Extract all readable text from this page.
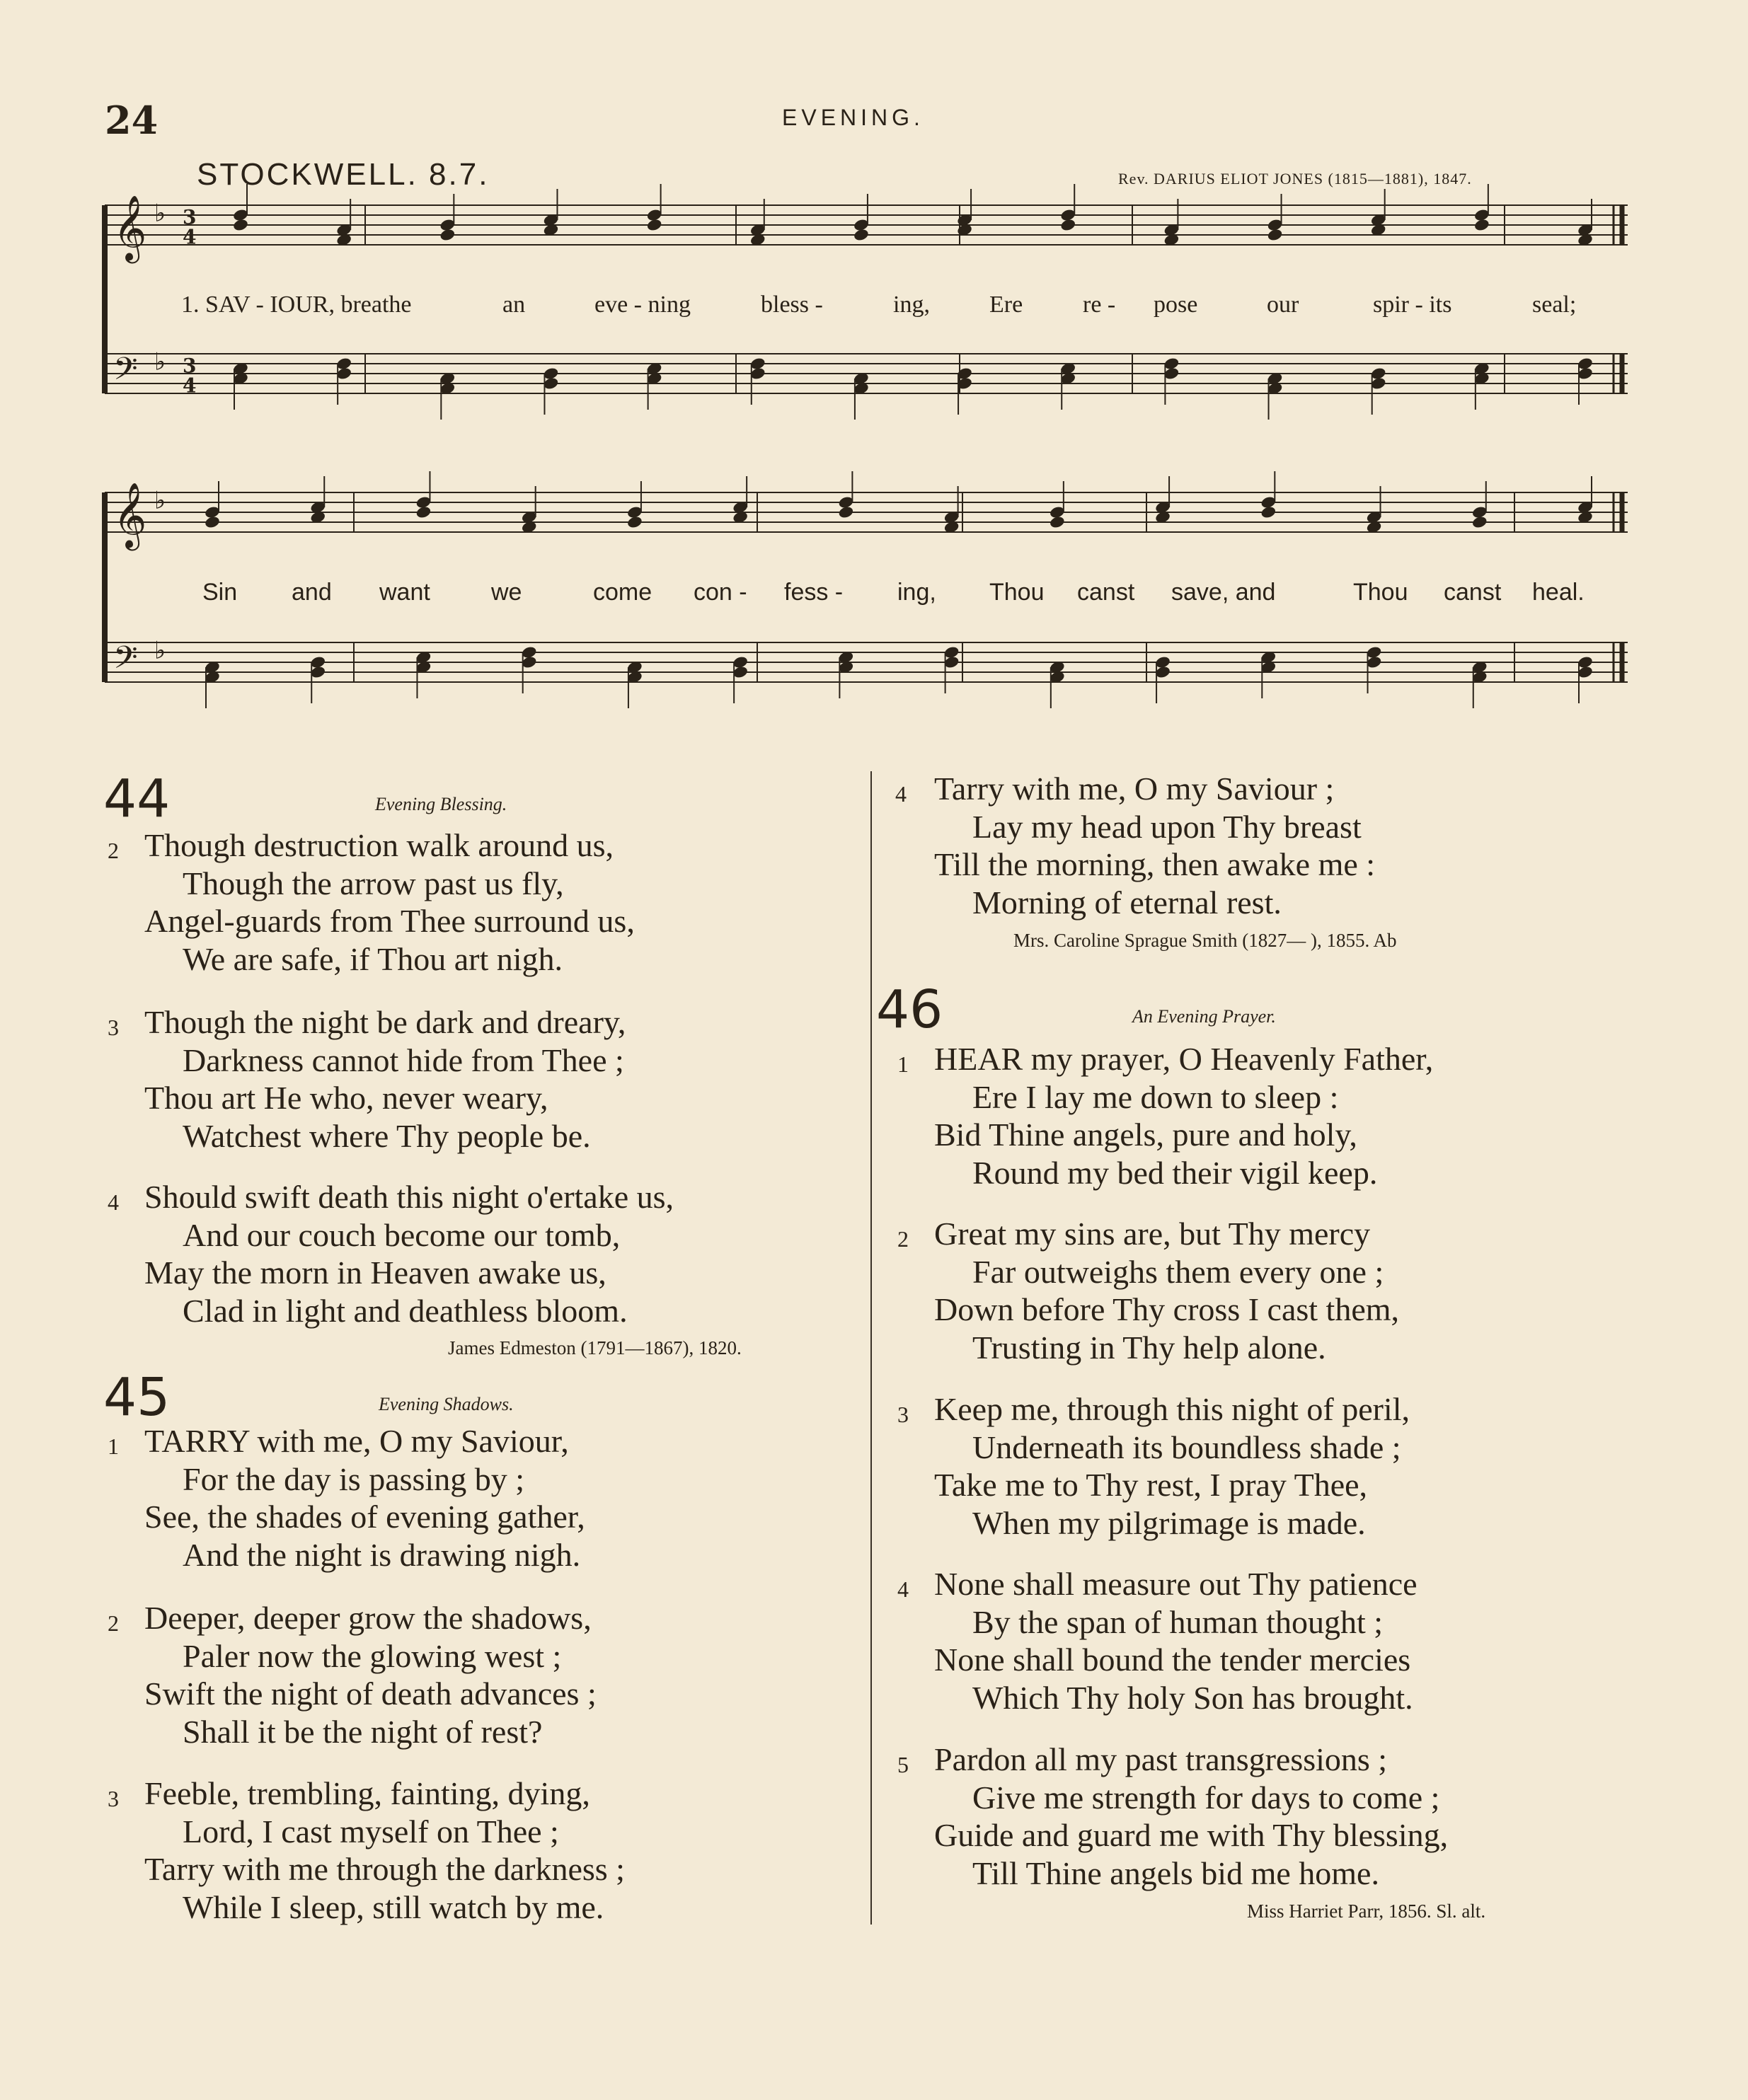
24	EVENING.
STOCKWELL. 8.7.	Rev. DARIUS ELIOT JONES (1815—1881), 1847.
𝄞 ♭ 3
4
𝄢 ♭ 3
4
𝄞 ♭
𝄢 ♭
1. SAV - IOUR, breathe	an	eve - ning	bless -	ing, Ere re - pose	our	spir - its	seal;
Sin and want	we	come con - fess - ing, Thou canst save, and	Thou canst heal.
44	Evening Blessing.
2 Though destruction walk around us,
Though the arrow past us fly,
Angel-guards from Thee surround us,
We are safe, if Thou art nigh.
3 Though the night be dark and dreary,
Darkness cannot hide from Thee ;
Thou art He who, never weary,
Watchest where Thy people be.
4 Should swift death this night o'ertake us,
And our couch become our tomb,
May the morn in Heaven awake us,
Clad in light and deathless bloom.
James Edmeston (1791—1867), 1820.
45	Evening Shadows.
1 TARRY with me, O my Saviour,
For the day is passing by ;
See, the shades of evening gather,
And the night is drawing nigh.
2 Deeper, deeper grow the shadows,
Paler now the glowing west ;
Swift the night of death advances ;
Shall it be the night of rest?
3 Feeble, trembling, fainting, dying,
Lord, I cast myself on Thee ;
Tarry with me through the darkness ;
While I sleep, still watch by me.
4 Tarry with me, O my Saviour ;
Lay my head upon Thy breast
Till the morning, then awake me :
Morning of eternal rest.
Mrs. Caroline Sprague Smith (1827— ), 1855. Ab
46	An Evening Prayer.
1 HEAR my prayer, O Heavenly Father,
Ere I lay me down to sleep :
Bid Thine angels, pure and holy,
Round my bed their vigil keep.
2 Great my sins are, but Thy mercy
Far outweighs them every one ;
Down before Thy cross I cast them,
Trusting in Thy help alone.
3 Keep me, through this night of peril,
Underneath its boundless shade ;
Take me to Thy rest, I pray Thee,
When my pilgrimage is made.
4 None shall measure out Thy patience
By the span of human thought ;
None shall bound the tender mercies
Which Thy holy Son has brought.
5 Pardon all my past transgressions ;
Give me strength for days to come ;
Guide and guard me with Thy blessing,
Till Thine angels bid me home.
Miss Harriet Parr, 1856. Sl. alt.
